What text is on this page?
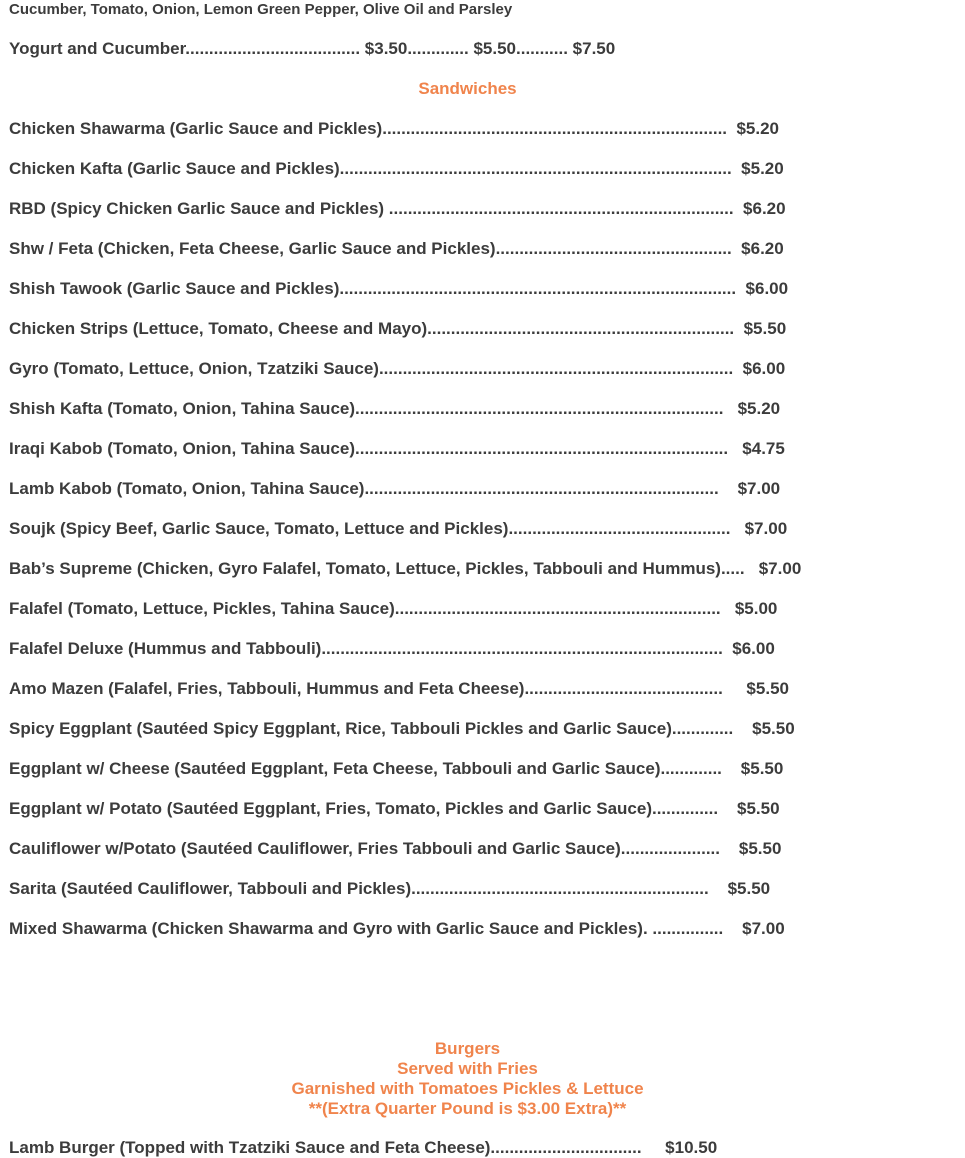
Cucumber, Tomato, Onion, Lemon Green Pepper, Olive Oil and Parsley
Yogurt and Cucumber..................................... $3.50............. $5.50........... $7.50
Sandwiches
Chicken Shawarma (Garlic Sauce and Pickles).........................................................................  $5.20
Chicken Kafta (Garlic Sauce and Pickles)...................................................................................  $5.20
RBD (Spicy Chicken Garlic Sauce and Pickles) .........................................................................  $6.20
Shw / Feta (Chicken, Feta Cheese, Garlic Sauce and Pickles)..................................................  $6.20
Shish Tawook (Garlic Sauce and Pickles)....................................................................................  $6.00
Chicken Strips (Lettuce, Tomato, Cheese and Mayo).................................................................  $5.50
Gyro (Tomato, Lettuce, Onion, Tzatziki Sauce)...........................................................................  $6.00
Shish Kafta (Tomato, Onion, Tahina Sauce)..............................................................................   $5.20
Iraqi Kabob (Tomato, Onion, Tahina Sauce)...............................................................................   $4.75
Lamb Kabob (Tomato, Onion, Tahina Sauce)...........................................................................    $7.00
Soujk (Spicy Beef, Garlic Sauce, Tomato, Lettuce and Pickles)...............................................   $7.00
Bab’s Supreme (Chicken, Gyro Falafel, Tomato, Lettuce, Pickles, Tabbouli and Hummus).....   $7.00
Falafel (Tomato, Lettuce, Pickles, Tahina Sauce).....................................................................   $5.00
Falafel Deluxe (Hummus and Tabbouli).....................................................................................  $6.00
Amo Mazen (Falafel, Fries, Tabbouli, Hummus and Feta Cheese)..........................................     $5.50
Spicy Eggplant (Sautéed Spicy Eggplant, Rice, Tabbouli Pickles and Garlic Sauce).............    $5.50
Eggplant w/ Cheese (Sautéed Eggplant, Feta Cheese, Tabbouli and Garlic Sauce).............    $5.50
Eggplant w/ Potato (Sautéed Eggplant, Fries, Tomato, Pickles and Garlic Sauce)..............    $5.50
Cauliflower w/Potato (Sautéed Cauliflower, Fries Tabbouli and Garlic Sauce).....................    $5.50
Sarita (Sautéed Cauliflower, Tabbouli and Pickles)...............................................................    $5.50
Mixed Shawarma (Chicken Shawarma and Gyro with Garlic Sauce and Pickles). ...............    $7.00
Burgers
Served with Fries
Garnished with Tomatoes Pickles & Lettuce
**(Extra Quarter Pound is $3.00 Extra)**
Lamb Burger (Topped with Tzatziki Sauce and Feta Cheese)................................     $10.50
